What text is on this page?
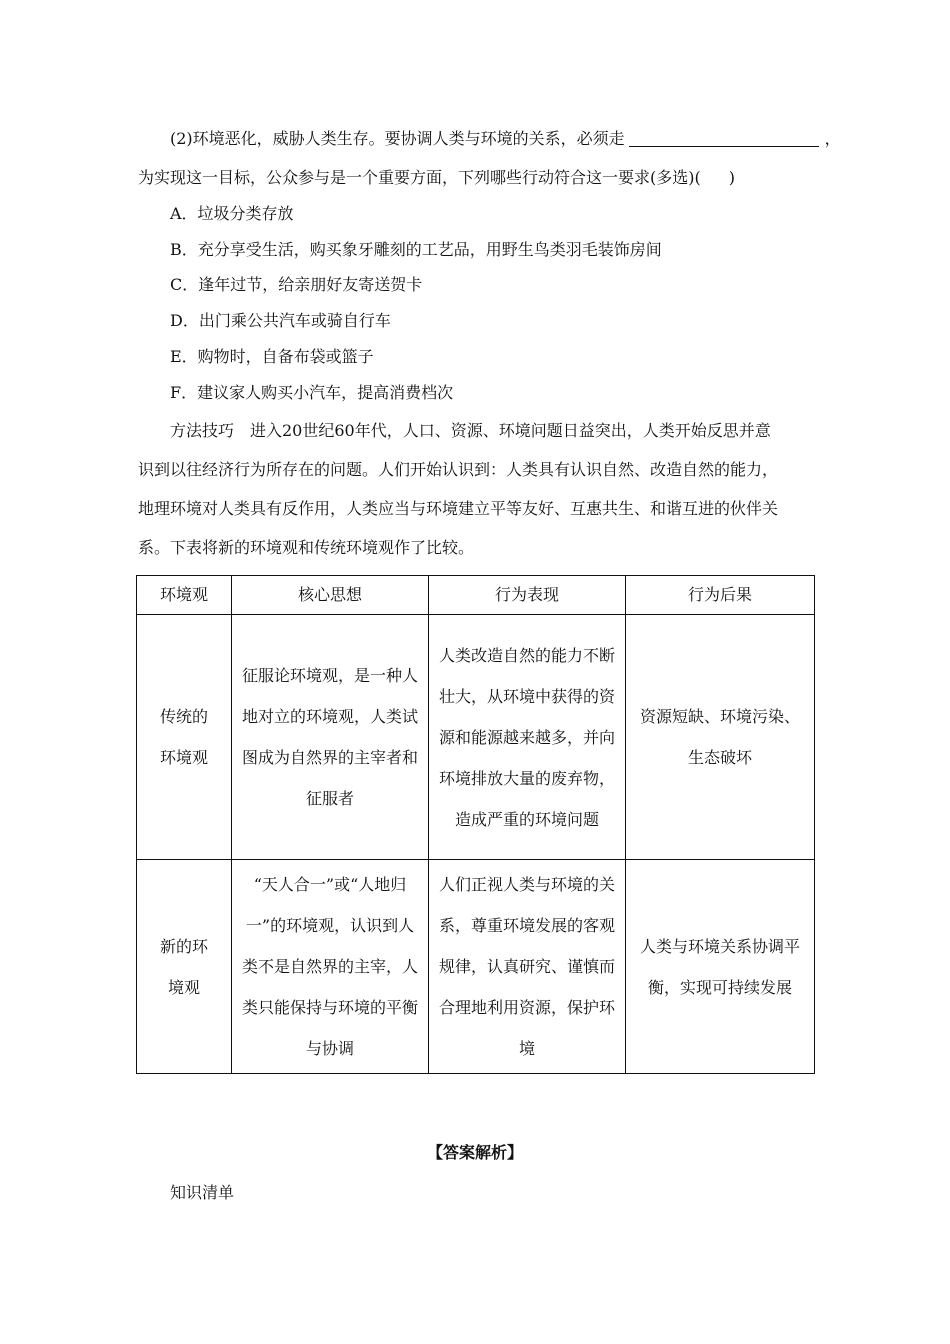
(2)环境恶化，威胁人类生存。要协调人类与环境的关系，必须走	，
为实现这一目标，公众参与是一个重要方面，下列哪些行动符合这一要求(多选)( )
A．垃圾分类存放
B．充分享受生活，购买象牙雕刻的工艺品，用野生鸟类羽毛装饰房间
C．逢年过节，给亲朋好友寄送贺卡
D．出门乘公共汽车或骑自行车
E．购物时，自备布袋或篮子
F．建议家人购买小汽车，提高消费档次
方法技巧　进入20世纪60年代，人口、资源、环境问题日益突出，人类开始反思并意
识到以往经济行为所存在的问题。人们开始认识到：人类具有认识自然、改造自然的能力，
地理环境对人类具有反作用，人类应当与环境建立平等友好、互惠共生、和谐互进的伙伴关
系。下表将新的环境观和传统环境观作了比较。
环境观	核心思想	行为表现	行为后果
传统的环境观	征服论环境观，是一种人地对立的环境观，人类试图成为自然界的主宰者和征服者	人类改造自然的能力不断壮大，从环境中获得的资源和能源越来越多，并向环境排放大量的废弃物，造成严重的环境问题	资源短缺、环境污染、生态破坏
新的环境观	“天人合一”或“人地归一”的环境观，认识到人类不是自然界的主宰，人类只能保持与环境的平衡与协调	人们正视人类与环境的关系，尊重环境发展的客观规律，认真研究、谨慎而合理地利用资源，保护环境	人类与环境关系协调平衡，实现可持续发展
【答案解析】
知识清单
